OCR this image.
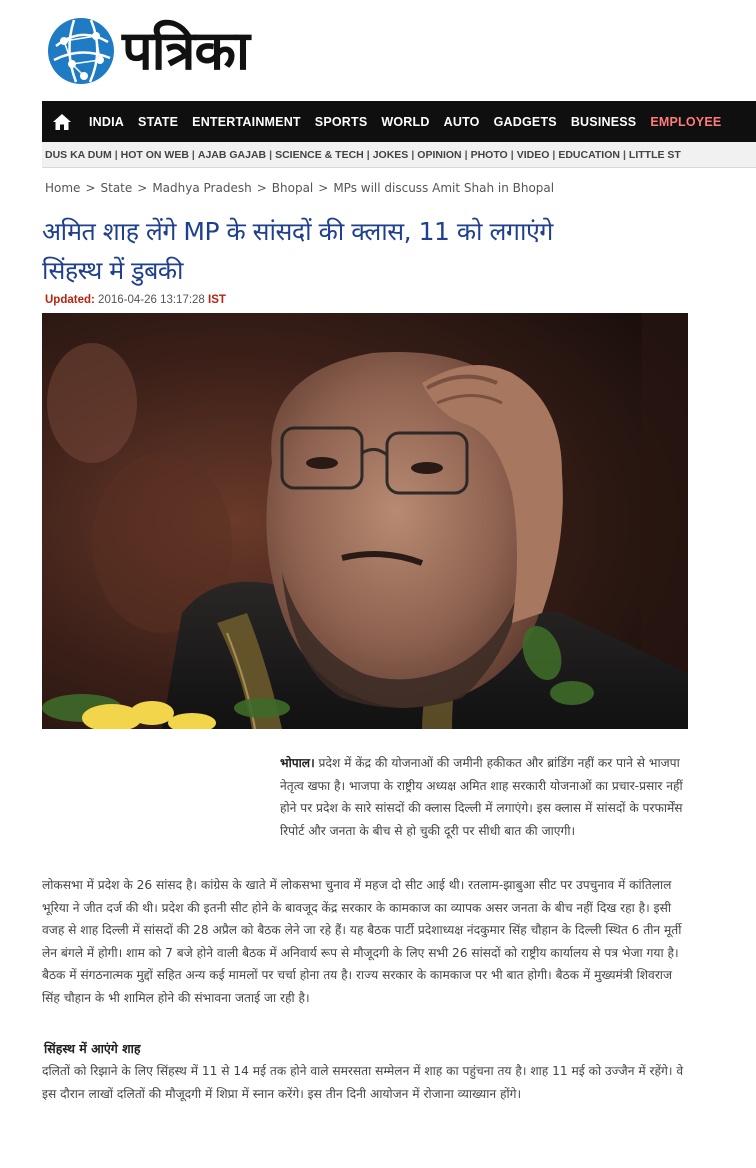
पत्रिका
INDIA	STATE	ENTERTAINMENT	SPORTS	WORLD	AUTO	GADGETS	BUSINESS	EMPLOYEE
DUS KA DUM | HOT ON WEB | AJAB GAJAB | SCIENCE & TECH | JOKES | OPINION | PHOTO | VIDEO | EDUCATION | LITTLE ST
Home > State > Madhya Pradesh > Bhopal > MPs will discuss Amit Shah in Bhopal
अमित शाह लेंगे MP के सांसदों की क्लास, 11 को लगाएंगे
सिंहस्थ में डुबकी
Updated: 2016-04-26 13:17:28 IST

भोपाल। प्रदेश में केंद्र की योजनाओं की जमीनी हकीकत और ब्रांडिंग नहीं कर पाने से भाजपा नेतृत्व खफा है। भाजपा के राष्ट्रीय अध्यक्ष अमित शाह सरकारी योजनाओं का प्रचार-प्रसार नहीं होने पर प्रदेश के सारे सांसदों की क्लास दिल्ली में लगाएंगे। इस क्लास में सांसदों के परफार्मेंस रिपोर्ट और जनता के बीच से हो चुकी दूरी पर सीधी बात की जाएगी।

लोकसभा में प्रदेश के 26 सांसद है। कांग्रेस के खाते में लोकसभा चुनाव में महज दो सीट आई थी। रतलाम-झाबुआ सीट पर उपचुनाव में कांतिलाल भूरिया ने जीत दर्ज की थी। प्रदेश की इतनी सीट होने के बावजूद केंद्र सरकार के कामकाज का व्यापक असर जनता के बीच नहीं दिख रहा है। इसी वजह से शाह दिल्ली में सांसदों की 28 अप्रैल को बैठक लेने जा रहे हैं। यह बैठक पार्टी प्रदेशाध्यक्ष नंदकुमार सिंह चौहान के दिल्ली स्थित 6 तीन मूर्ती लेन बंगले में होगी। शाम को 7 बजे होने वाली बैठक में अनिवार्य रूप से मौजूदगी के लिए सभी 26 सांसदों को राष्ट्रीय कार्यालय से पत्र भेजा गया है। बैठक में संगठनात्मक मुद्दों सहित अन्य कई मामलों पर चर्चा होना तय है। राज्य सरकार के कामकाज पर भी बात होगी। बैठक में मुख्यमंत्री शिवराज सिंह चौहान के भी शामिल होने की संभावना जताई जा रही है।

सिंहस्थ में आएंगे शाह

दलितों को रिझाने के लिए सिंहस्थ में 11 से 14 मई तक होने वाले समरसता सम्मेलन में शाह का पहुंचना तय है। शाह 11 मई को उज्जैन में रहेंगे। वे इस दौरान लाखों दलितों की मौजूदगी में शिप्रा में स्नान करेंगे। इस तीन दिनी आयोजन में रोजाना व्याख्यान होंगे।
